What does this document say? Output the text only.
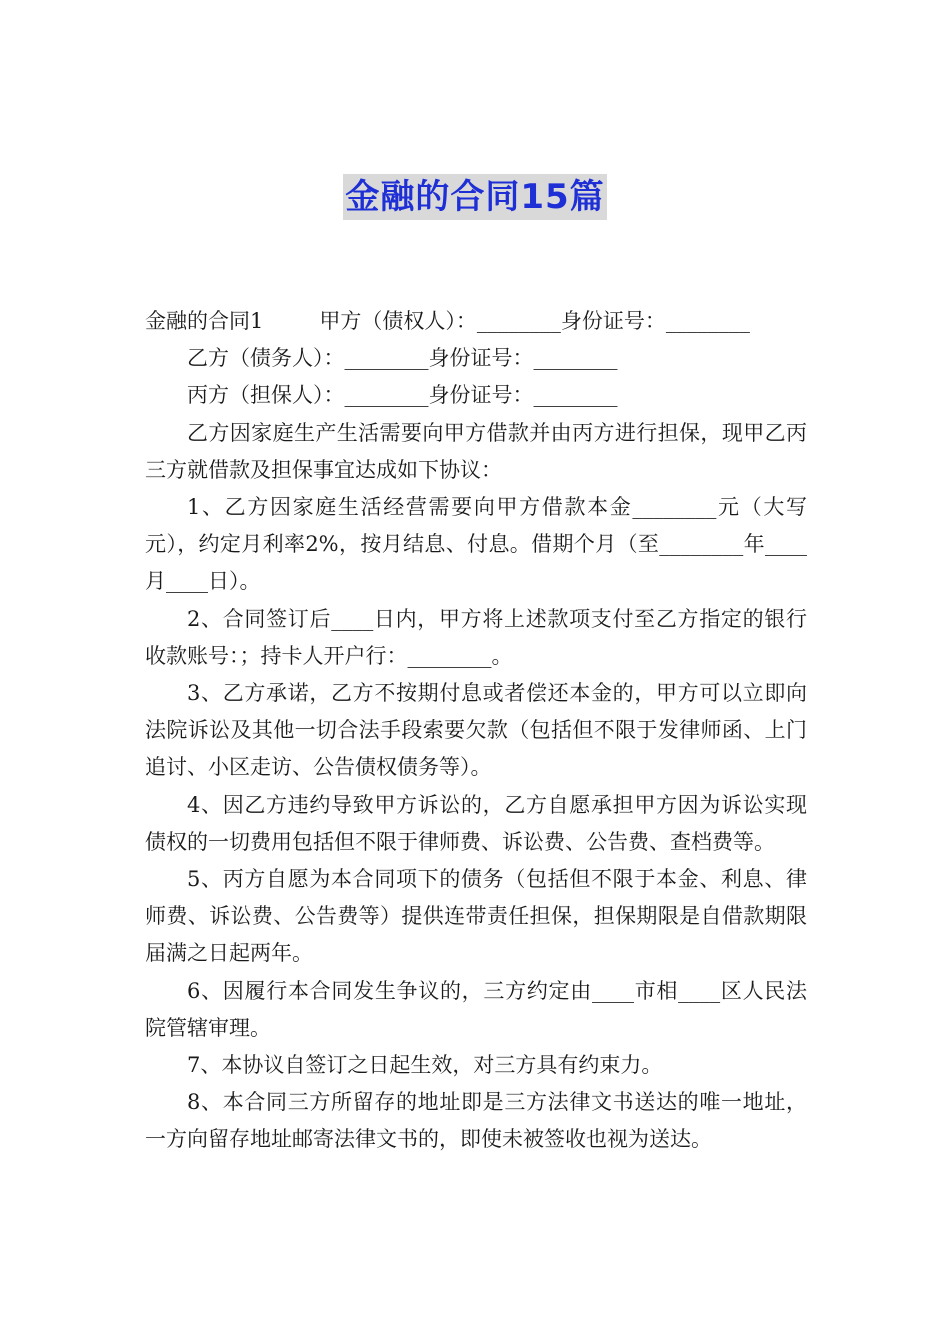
金融的合同15篇

金融的合同1	甲方（债权人）：________身份证号：________

乙方（债务人）：________身份证号：________

丙方（担保人）：________身份证号：________

乙方因家庭生产生活需要向甲方借款并由丙方进行担保，现甲乙丙三方就借款及担保事宜达成如下协议：

1、乙方因家庭生活经营需要向甲方借款本金________元（大写元），约定月利率2%，按月结息、付息。借期个月（至________年____月____日）。

2、合同签订后____日内，甲方将上述款项支付至乙方指定的银行收款账号：；持卡人开户行：________。

3、乙方承诺，乙方不按期付息或者偿还本金的，甲方可以立即向法院诉讼及其他一切合法手段索要欠款（包括但不限于发律师函、上门追讨、小区走访、公告债权债务等）。

4、因乙方违约导致甲方诉讼的，乙方自愿承担甲方因为诉讼实现债权的一切费用包括但不限于律师费、诉讼费、公告费、查档费等。

5、丙方自愿为本合同项下的债务（包括但不限于本金、利息、律师费、诉讼费、公告费等）提供连带责任担保，担保期限是自借款期限届满之日起两年。

6、因履行本合同发生争议的，三方约定由____市相____区人民法院管辖审理。

7、本协议自签订之日起生效，对三方具有约束力。

8、本合同三方所留存的地址即是三方法律文书送达的唯一地址，一方向留存地址邮寄法律文书的，即使未被签收也视为送达。
